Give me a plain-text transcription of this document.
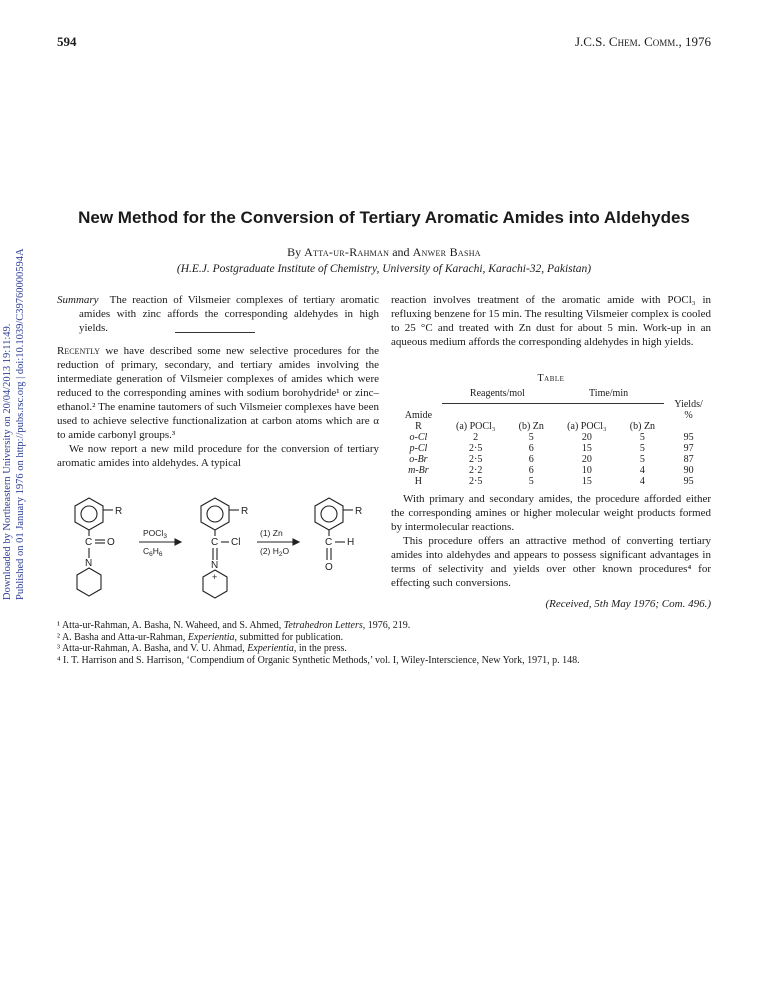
Downloaded by Northeastern University on 20/04/2013 19:11:49. Published on 01 January 1976 on http://pubs.rsc.org | doi:10.1039/C39760000594A
594	J.C.S. Chem. Comm., 1976
New Method for the Conversion of Tertiary Aromatic Amides into Aldehydes
By Atta-ur-Rahman and Anwer Basha
(H.E.J. Postgraduate Institute of Chemistry, University of Karachi, Karachi-32, Pakistan)
Summary The reaction of Vilsmeier complexes of tertiary aromatic amides with zinc affords the corresponding aldehydes in high yields.

Recently we have described some new selective procedures for the reduction of primary, secondary, and tertiary amides involving the intermediate generation of Vilsmeier complexes of amides which were reduced to the corresponding amines with sodium borohydride¹ or zinc–ethanol.² The enamine tautomers of such Vilsmeier complexes have been used to achieve selective functionalization at carbon atoms which are α to amide carbonyl groups.³

We now report a new mild procedure for the conversion of tertiary aromatic amides into aldehydes. A typical

R
C O
N
POCl$_3$
$C_6H_6$
R
C Cl
N
+
(1) Zn
(2) $H_2O$
R
C H
O
reaction involves treatment of the aromatic amide with POCl₃ in refluxing benzene for 15 min. The resulting Vilsmeier complex is cooled to 25 °C and treated with Zn dust for about 5 min. Work-up in an aqueous medium affords the corresponding aldehydes in high yields.
Table
	Reagents/mol		Time/min		

			Yields/
Amide					%
R	(a) POCl₃	(b) Zn	(a) POCl₃	(b) Zn	
o-Cl	2	5	20	5	95
p-Cl	2·5	6	15	5	97
o-Br	2·5	6	20	5	87
m-Br	2·2	6	10	4	90
H	2·5	5	15	4	95

With primary and secondary amides, the procedure afforded either the corresponding amines or higher molecular weight products formed by intermolecular reactions.

This procedure offers an attractive method of converting tertiary amides into aldehydes and appears to possess significant advantages in terms of selectivity and yields over other known procedures⁴ for effecting such conversions.

(Received, 5th May 1976; Com. 496.)
¹ Atta-ur-Rahman, A. Basha, N. Waheed, and S. Ahmed, Tetrahedron Letters, 1976, 219.
² A. Basha and Atta-ur-Rahman, Experientia, submitted for publication.
³ Atta-ur-Rahman, A. Basha, and V. U. Ahmad, Experientia, in the press.
⁴ I. T. Harrison and S. Harrison, ‘Compendium of Organic Synthetic Methods,’ vol. I, Wiley-Interscience, New York, 1971, p. 148.
